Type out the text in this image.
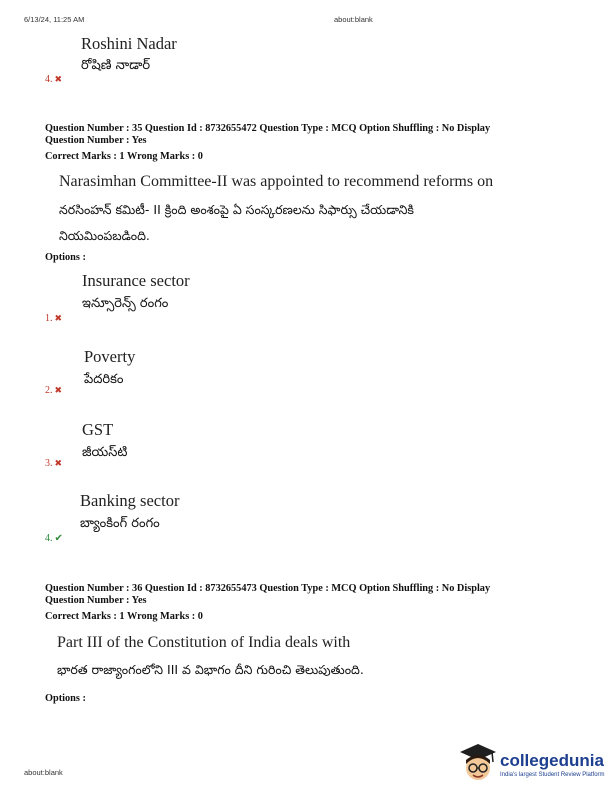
6/13/24, 11:25 AM	about:blank
Roshini Nadar
రోషిణి నాడార్
4. ✖
Question Number : 35 Question Id : 8732655472 Question Type : MCQ Option Shuffling : No Display
Question Number : Yes
Correct Marks : 1 Wrong Marks : 0
Narasimhan Committee-II was appointed to recommend reforms on
నరసింహన్ కమిటీ- II క్రింది అంశంపై ఏ సంస్కరణలను సిఫార్సు చేయడానికి
నియమింపబడింది.
Options :
Insurance sector
ఇన్సూరెన్స్ రంగం
1. ✖
Poverty
పేదరికం
2. ✖
GST
జీయస్‌టి
3. ✖
Banking sector
బ్యాంకింగ్ రంగం
4. ✔
Question Number : 36 Question Id : 8732655473 Question Type : MCQ Option Shuffling : No Display
Question Number : Yes
Correct Marks : 1 Wrong Marks : 0
Part III of the Constitution of India deals with
భారత రాజ్యాంగంలోని III వ విభాగం దీని గురించి తెలుపుతుంది.
Options :
about:blank
collegedunia
India's largest Student Review Platform
